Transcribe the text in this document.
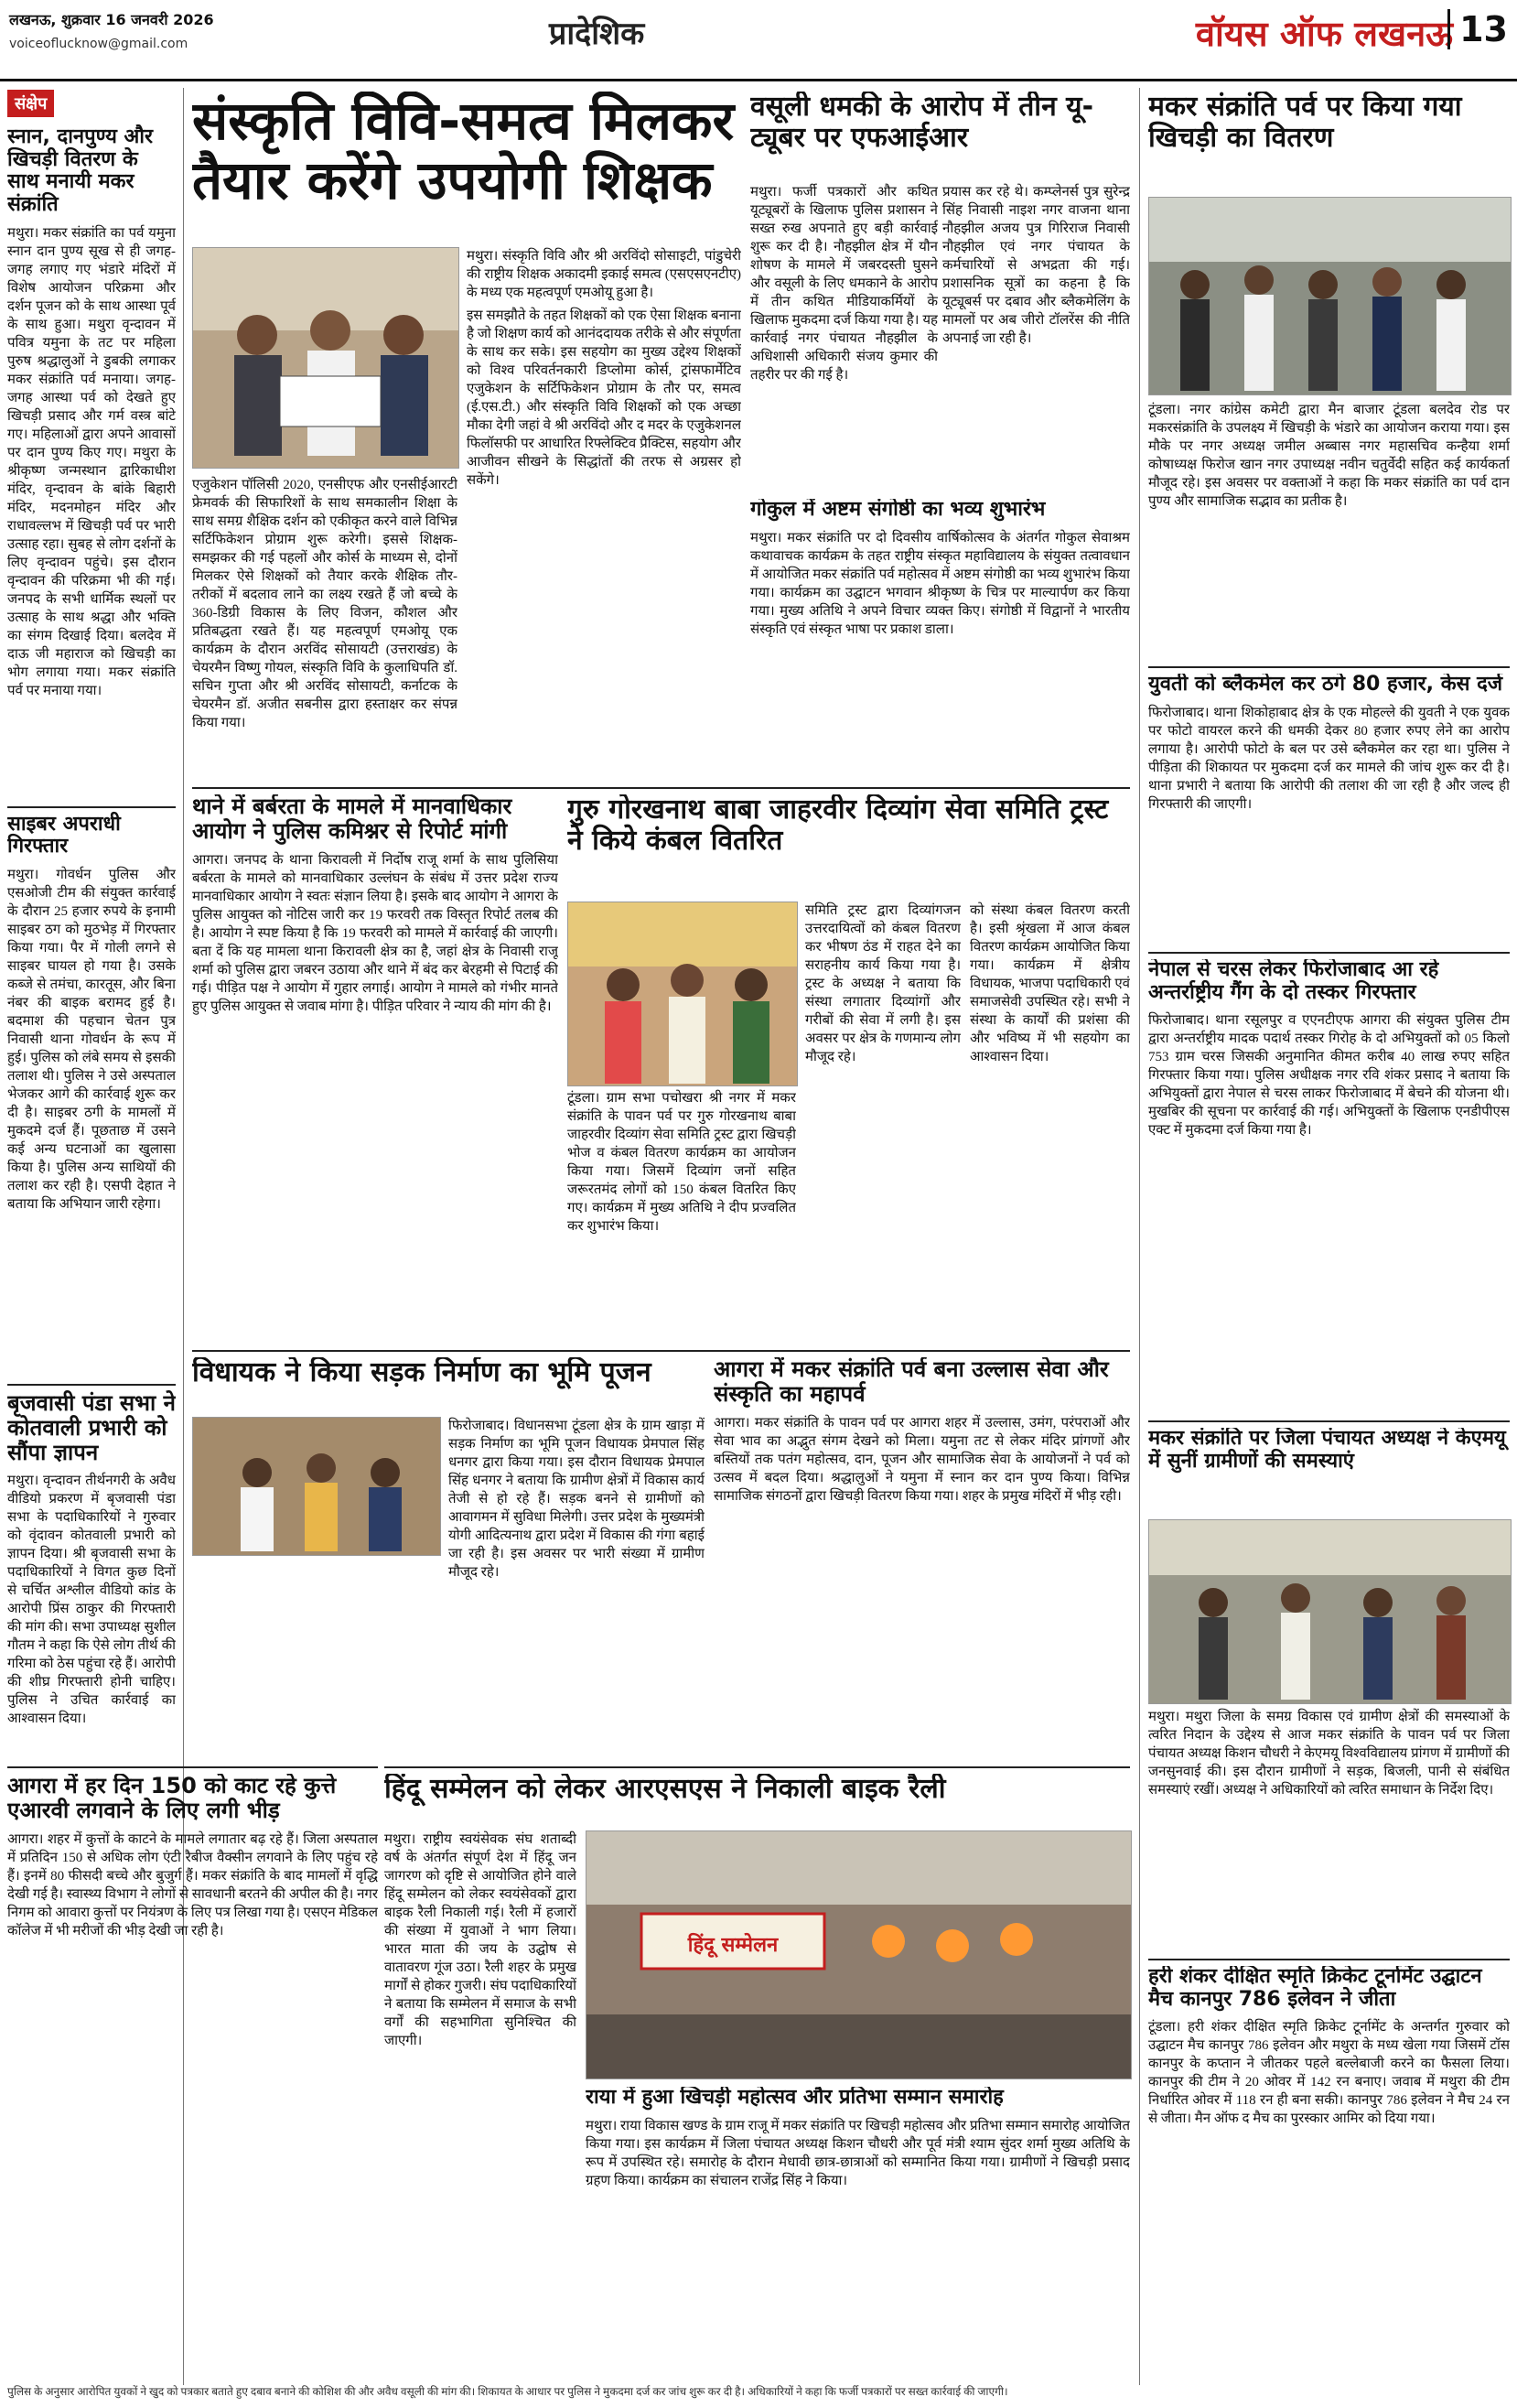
लखनऊ, शुक्रवार 16 जनवरी 2026
voiceoflucknow@gmail.com	प्रादेशिक	वॉयस ऑफ लखनऊ 13
संक्षेप
स्नान, दानपुण्य और खिचड़ी वितरण के साथ मनायी मकर संक्रांति

मथुरा। मकर संक्रांति का पर्व यमुना स्नान दान पुण्य सूख से ही जगह-जगह लगाए गए भंडारे मंदिरों में विशेष आयोजन परिक्रमा और दर्शन पूजन को के साथ आस्था पूर्व के साथ हुआ। मथुरा वृन्दावन में पवित्र यमुना के तट पर महिला पुरुष श्रद्धालुओं ने डुबकी लगाकर मकर संक्रांति पर्व मनाया। जगह-जगह आस्था पर्व को देखते हुए खिचड़ी प्रसाद और गर्म वस्त्र बांटे गए। महिलाओं द्वारा अपने आवासों पर दान पुण्य किए गए। मथुरा के श्रीकृष्ण जन्मस्थान द्वारिकाधीश मंदिर, वृन्दावन के बांके बिहारी मंदिर, मदनमोहन मंदिर और राधावल्लभ में खिचड़ी पर्व पर भारी उत्साह रहा। सुबह से लोग दर्शनों के लिए वृन्दावन पहुंचे। इस दौरान वृन्दावन की परिक्रमा भी की गई। जनपद के सभी धार्मिक स्थलों पर उत्साह के साथ श्रद्धा और भक्ति का संगम दिखाई दिया। बलदेव में दाऊ जी महाराज को खिचड़ी का भोग लगाया गया। मकर संक्रांति पर्व पर मनाया गया।

साइबर अपराधी गिरफ्तार

मथुरा। गोवर्धन पुलिस और एसओजी टीम की संयुक्त कार्रवाई के दौरान 25 हजार रुपये के इनामी साइबर ठग को मुठभेड़ में गिरफ्तार किया गया। पैर में गोली लगने से साइबर घायल हो गया है। उसके कब्जे से तमंचा, कारतूस, और बिना नंबर की बाइक बरामद हुई है। बदमाश की पहचान चेतन पुत्र निवासी थाना गोवर्धन के रूप में हुई। पुलिस को लंबे समय से इसकी तलाश थी। पुलिस ने उसे अस्पताल भेजकर आगे की कार्रवाई शुरू कर दी है। साइबर ठगी के मामलों में मुकदमे दर्ज हैं। पूछताछ में उसने कई अन्य घटनाओं का खुलासा किया है। पुलिस अन्य साथियों की तलाश कर रही है। एसपी देहात ने बताया कि अभियान जारी रहेगा।

बृजवासी पंडा सभा ने कोतवाली प्रभारी को सौंपा ज्ञापन

मथुरा। वृन्दावन तीर्थनगरी के अवैध वीडियो प्रकरण में बृजवासी पंडा सभा के पदाधिकारियों ने गुरुवार को वृंदावन कोतवाली प्रभारी को ज्ञापन दिया। श्री बृजवासी सभा के पदाधिकारियों ने विगत कुछ दिनों से चर्चित अश्लील वीडियो कांड के आरोपी प्रिंस ठाकुर की गिरफ्तारी की मांग की। सभा उपाध्यक्ष सुशील गौतम ने कहा कि ऐसे लोग तीर्थ की गरिमा को ठेस पहुंचा रहे हैं। आरोपी की शीघ्र गिरफ्तारी होनी चाहिए। पुलिस ने उचित कार्रवाई का आश्वासन दिया।

संस्कृति विवि-समत्व मिलकर तैयार करेंगे उपयोगी शिक्षक
मथुरा। संस्कृति विवि और श्री अरविंदो सोसाइटी, पांडुचेरी की राष्ट्रीय शिक्षक अकादमी इकाई समत्व (एसएसएनटीए) के मध्य एक महत्वपूर्ण एमओयू हुआ है।

इस समझौते के तहत शिक्षकों को एक ऐसा शिक्षक बनाना है जो शिक्षण कार्य को आनंददायक तरीके से और संपूर्णता के साथ कर सके। इस सहयोग का मुख्य उद्देश्य शिक्षकों को विश्व परिवर्तनकारी डिप्लोमा कोर्स, ट्रांसफार्मेटिव एजुकेशन के सर्टिफिकेशन प्रोग्राम के तौर पर, समत्व (ई.एस.टी.) और संस्कृति विवि शिक्षकों को एक अच्छा मौका देगी जहां वे श्री अरविंदो और द मदर के एजुकेशनल फिलॉसफी पर आधारित रिफ्लेक्टिव प्रैक्टिस, सहयोग और आजीवन सीखने के सिद्धांतों की तरफ से अग्रसर हो सकेंगे।

एजुकेशन पॉलिसी 2020, एनसीएफ और एनसीईआरटी फ्रेमवर्क की सिफारिशों के साथ समकालीन शिक्षा के साथ समग्र शैक्षिक दर्शन को एकीकृत करने वाले विभिन्न सर्टिफिकेशन प्रोग्राम शुरू करेगी। इससे शिक्षक-समझकर की गई पहलों और कोर्स के माध्यम से, दोनों मिलकर ऐसे शिक्षकों को तैयार करके शैक्षिक तौर-तरीकों में बदलाव लाने का लक्ष्य रखते हैं जो बच्चे के 360-डिग्री विकास के लिए विजन, कौशल और प्रतिबद्धता रखते हैं। यह महत्वपूर्ण एमओयू एक कार्यक्रम के दौरान अरविंद सोसायटी (उत्तराखंड) के चेयरमैन विष्णु गोयल, संस्कृति विवि के कुलाधिपति डॉ. सचिन गुप्ता और श्री अरविंद सोसायटी, कर्नाटक के चेयरमैन डॉ. अजीत सबनीस द्वारा हस्ताक्षर कर संपन्न किया गया।

गोकुल में अष्टम संगोष्ठी का भव्य शुभारंभ

मथुरा। मकर संक्रांति पर दो दिवसीय वार्षिकोत्सव के अंतर्गत गोकुल सेवाश्रम कथावाचक कार्यक्रम के तहत राष्ट्रीय संस्कृत महाविद्यालय के संयुक्त तत्वावधान में आयोजित मकर संक्रांति पर्व महोत्सव में अष्टम संगोष्ठी का भव्य शुभारंभ किया गया। कार्यक्रम का उद्घाटन भगवान श्रीकृष्ण के चित्र पर माल्यार्पण कर किया गया। मुख्य अतिथि ने अपने विचार व्यक्त किए। संगोष्ठी में विद्वानों ने भारतीय संस्कृति एवं संस्कृत भाषा पर प्रकाश डाला।

वसूली धमकी के आरोप में तीन यू-ट्यूबर पर एफआईआर

मथुरा। फर्जी पत्रकारों और कथित यूट्यूबरों के खिलाफ पुलिस प्रशासन ने सख्त रुख अपनाते हुए बड़ी कार्रवाई शुरू कर दी है। नौहझील क्षेत्र में यौन शोषण के मामले में जबरदस्ती घुसने और वसूली के लिए धमकाने के आरोप में तीन कथित मीडियाकर्मियों के खिलाफ मुकदमा दर्ज किया गया है। यह कार्रवाई नगर पंचायत नौहझील के अधिशासी अधिकारी संजय कुमार की तहरीर पर की गई है।

प्रयास कर रहे थे। कम्प्लेनर्स पुत्र सुरेन्द्र सिंह निवासी नाइश नगर वाजना थाना नौहझील अजय पुत्र गिरिराज निवासी नौहझील एवं नगर पंचायत के कर्मचारियों से अभद्रता की गई। प्रशासनिक सूत्रों का कहना है कि यूट्यूबर्स पर दबाव और ब्लैकमेलिंग के मामलों पर अब जीरो टॉलरेंस की नीति अपनाई जा रही है।

थाने में बर्बरता के मामले में मानवाधिकार आयोग ने पुलिस कमिश्नर से रिपोर्ट मांगी

आगरा। जनपद के थाना किरावली में निर्दोष राजू शर्मा के साथ पुलिसिया बर्बरता के मामले को मानवाधिकार उल्लंघन के संबंध में उत्तर प्रदेश राज्य मानवाधिकार आयोग ने स्वतः संज्ञान लिया है। इसके बाद आयोग ने आगरा के पुलिस आयुक्त को नोटिस जारी कर 19 फरवरी तक विस्तृत रिपोर्ट तलब की है। आयोग ने स्पष्ट किया है कि 19 फरवरी को मामले में कार्रवाई की जाएगी। बता दें कि यह मामला थाना किरावली क्षेत्र का है, जहां क्षेत्र के निवासी राजू शर्मा को पुलिस द्वारा जबरन उठाया और थाने में बंद कर बेरहमी से पिटाई की गई। पीड़ित पक्ष ने आयोग में गुहार लगाई। आयोग ने मामले को गंभीर मानते हुए पुलिस आयुक्त से जवाब मांगा है। पीड़ित परिवार ने न्याय की मांग की है।

गुरु गोरखनाथ बाबा जाहरवीर दिव्यांग सेवा समिति ट्रस्ट ने किये कंबल वितरित

टूंडला। ग्राम सभा पचोखरा श्री नगर में मकर संक्रांति के पावन पर्व पर गुरु गोरखनाथ बाबा जाहरवीर दिव्यांग सेवा समिति ट्रस्ट द्वारा खिचड़ी भोज व कंबल वितरण कार्यक्रम का आयोजन किया गया। जिसमें दिव्यांग जनों सहित जरूरतमंद लोगों को 150 कंबल वितरित किए गए। कार्यक्रम में मुख्य अतिथि ने दीप प्रज्वलित कर शुभारंभ किया।

समिति ट्रस्ट द्वारा दिव्यांगजन उत्तरदायित्वों को कंबल वितरण कर भीषण ठंड में राहत देने का सराहनीय कार्य किया गया है। ट्रस्ट के अध्यक्ष ने बताया कि संस्था लगातार दिव्यांगों और गरीबों की सेवा में लगी है। इस अवसर पर क्षेत्र के गणमान्य लोग मौजूद रहे।

को संस्था कंबल वितरण करती है। इसी श्रृंखला में आज कंबल वितरण कार्यक्रम आयोजित किया गया। कार्यक्रम में क्षेत्रीय विधायक, भाजपा पदाधिकारी एवं समाजसेवी उपस्थित रहे। सभी ने संस्था के कार्यों की प्रशंसा की और भविष्य में भी सहयोग का आश्वासन दिया।

विधायक ने किया सड़क निर्माण का भूमि पूजन

फिरोजाबाद। विधानसभा टूंडला क्षेत्र के ग्राम खाड़ा में सड़क निर्माण का भूमि पूजन विधायक प्रेमपाल सिंह धनगर द्वारा किया गया। इस दौरान विधायक प्रेमपाल सिंह धनगर ने बताया कि ग्रामीण क्षेत्रों में विकास कार्य तेजी से हो रहे हैं। सड़क बनने से ग्रामीणों को आवागमन में सुविधा मिलेगी। उत्तर प्रदेश के मुख्यमंत्री योगी आदित्यनाथ द्वारा प्रदेश में विकास की गंगा बहाई जा रही है। इस अवसर पर भारी संख्या में ग्रामीण मौजूद रहे।

आगरा में मकर संक्रांति पर्व बना उल्लास सेवा और संस्कृति का महापर्व

आगरा। मकर संक्रांति के पावन पर्व पर आगरा शहर में उल्लास, उमंग, परंपराओं और सेवा भाव का अद्भुत संगम देखने को मिला। यमुना तट से लेकर मंदिर प्रांगणों और बस्तियों तक पतंग महोत्सव, दान, पूजन और सामाजिक सेवा के आयोजनों ने पर्व को उत्सव में बदल दिया। श्रद्धालुओं ने यमुना में स्नान कर दान पुण्य किया। विभिन्न सामाजिक संगठनों द्वारा खिचड़ी वितरण किया गया। शहर के प्रमुख मंदिरों में भीड़ रही।

आगरा में हर दिन 150 को काट रहे कुत्ते एआरवी लगवाने के लिए लगी भीड़

आगरा। शहर में कुत्तों के काटने के मामले लगातार बढ़ रहे हैं। जिला अस्पताल में प्रतिदिन 150 से अधिक लोग एंटी रैबीज वैक्सीन लगवाने के लिए पहुंच रहे हैं। इनमें 80 फीसदी बच्चे और बुजुर्ग हैं। मकर संक्रांति के बाद मामलों में वृद्धि देखी गई है। स्वास्थ्य विभाग ने लोगों से सावधानी बरतने की अपील की है। नगर निगम को आवारा कुत्तों पर नियंत्रण के लिए पत्र लिखा गया है। एसएन मेडिकल कॉलेज में भी मरीजों की भीड़ देखी जा रही है।

हिंदू सम्मेलन को लेकर आरएसएस ने निकाली बाइक रैली

मथुरा। राष्ट्रीय स्वयंसेवक संघ शताब्दी वर्ष के अंतर्गत संपूर्ण देश में हिंदू जन जागरण को दृष्टि से आयोजित होने वाले हिंदू सम्मेलन को लेकर स्वयंसेवकों द्वारा बाइक रैली निकाली गई। रैली में हजारों की संख्या में युवाओं ने भाग लिया। भारत माता की जय के उद्घोष से वातावरण गूंज उठा। रैली शहर के प्रमुख मार्गों से होकर गुजरी। संघ पदाधिकारियों ने बताया कि सम्मेलन में समाज के सभी वर्गों की सहभागिता सुनिश्चित की जाएगी।

हिंदू सम्मेलन
मकर संक्रांति पर्व पर किया गया खिचड़ी का वितरण

टूंडला। नगर कांग्रेस कमेटी द्वारा मैन बाजार टूंडला बलदेव रोड पर मकरसंक्रांति के उपलक्ष्य में खिचड़ी के भंडारे का आयोजन कराया गया। इस मौके पर नगर अध्यक्ष जमील अब्बास नगर महासचिव कन्हैया शर्मा कोषाध्यक्ष फिरोज खान नगर उपाध्यक्ष नवीन चतुर्वेदी सहित कई कार्यकर्ता मौजूद रहे। इस अवसर पर वक्ताओं ने कहा कि मकर संक्रांति का पर्व दान पुण्य और सामाजिक सद्भाव का प्रतीक है।

युवती को ब्लैकमेल कर ठगे 80 हजार, केस दर्ज

फिरोजाबाद। थाना शिकोहाबाद क्षेत्र के एक मोहल्ले की युवती ने एक युवक पर फोटो वायरल करने की धमकी देकर 80 हजार रुपए लेने का आरोप लगाया है। आरोपी फोटो के बल पर उसे ब्लैकमेल कर रहा था। पुलिस ने पीड़िता की शिकायत पर मुकदमा दर्ज कर मामले की जांच शुरू कर दी है। थाना प्रभारी ने बताया कि आरोपी की तलाश की जा रही है और जल्द ही गिरफ्तारी की जाएगी।

नेपाल से चरस लेकर फिरोजाबाद आ रहे अन्तर्राष्ट्रीय गैंग के दो तस्कर गिरफ्तार

फिरोजाबाद। थाना रसूलपुर व एएनटीएफ आगरा की संयुक्त पुलिस टीम द्वारा अन्तर्राष्ट्रीय मादक पदार्थ तस्कर गिरोह के दो अभियुक्तों को 05 किलो 753 ग्राम चरस जिसकी अनुमानित कीमत करीब 40 लाख रुपए सहित गिरफ्तार किया गया। पुलिस अधीक्षक नगर रवि शंकर प्रसाद ने बताया कि अभियुक्तों द्वारा नेपाल से चरस लाकर फिरोजाबाद में बेचने की योजना थी। मुखबिर की सूचना पर कार्रवाई की गई। अभियुक्तों के खिलाफ एनडीपीएस एक्ट में मुकदमा दर्ज किया गया है।

मकर संक्रांति पर जिला पंचायत अध्यक्ष ने केएमयू में सुनीं ग्रामीणों की समस्याएं

मथुरा। मथुरा जिला के समग्र विकास एवं ग्रामीण क्षेत्रों की समस्याओं के त्वरित निदान के उद्देश्य से आज मकर संक्रांति के पावन पर्व पर जिला पंचायत अध्यक्ष किशन चौधरी ने केएमयू विश्वविद्यालय प्रांगण में ग्रामीणों की जनसुनवाई की। इस दौरान ग्रामीणों ने सड़क, बिजली, पानी से संबंधित समस्याएं रखीं। अध्यक्ष ने अधिकारियों को त्वरित समाधान के निर्देश दिए।

हरी शंकर दीक्षित स्मृति क्रिकेट टूर्नामेंट उद्घाटन मैच कानपुर 786 इलेवन ने जीता

टूंडला। हरी शंकर दीक्षित स्मृति क्रिकेट टूर्नामेंट के अन्तर्गत गुरुवार को उद्घाटन मैच कानपुर 786 इलेवन और मथुरा के मध्य खेला गया जिसमें टॉस कानपुर के कप्तान ने जीतकर पहले बल्लेबाजी करने का फैसला लिया। कानपुर की टीम ने 20 ओवर में 142 रन बनाए। जवाब में मथुरा की टीम निर्धारित ओवर में 118 रन ही बना सकी। कानपुर 786 इलेवन ने मैच 24 रन से जीता। मैन ऑफ द मैच का पुरस्कार आमिर को दिया गया।

राया में हुआ खिचड़ी महोत्सव और प्रतिभा सम्मान समारोह

मथुरा। राया विकास खण्ड के ग्राम राजू में मकर संक्रांति पर खिचड़ी महोत्सव और प्रतिभा सम्मान समारोह आयोजित किया गया। इस कार्यक्रम में जिला पंचायत अध्यक्ष किशन चौधरी और पूर्व मंत्री श्याम सुंदर शर्मा मुख्य अतिथि के रूप में उपस्थित रहे। समारोह के दौरान मेधावी छात्र-छात्राओं को सम्मानित किया गया। ग्रामीणों ने खिचड़ी प्रसाद ग्रहण किया। कार्यक्रम का संचालन राजेंद्र सिंह ने किया।

पुलिस के अनुसार आरोपित युवकों ने खुद को पत्रकार बताते हुए दबाव बनाने की कोशिश की और अवैध वसूली की मांग की। शिकायत के आधार पर पुलिस ने मुकदमा दर्ज कर जांच शुरू कर दी है। अधिकारियों ने कहा कि फर्जी पत्रकारों पर सख्त कार्रवाई की जाएगी।
